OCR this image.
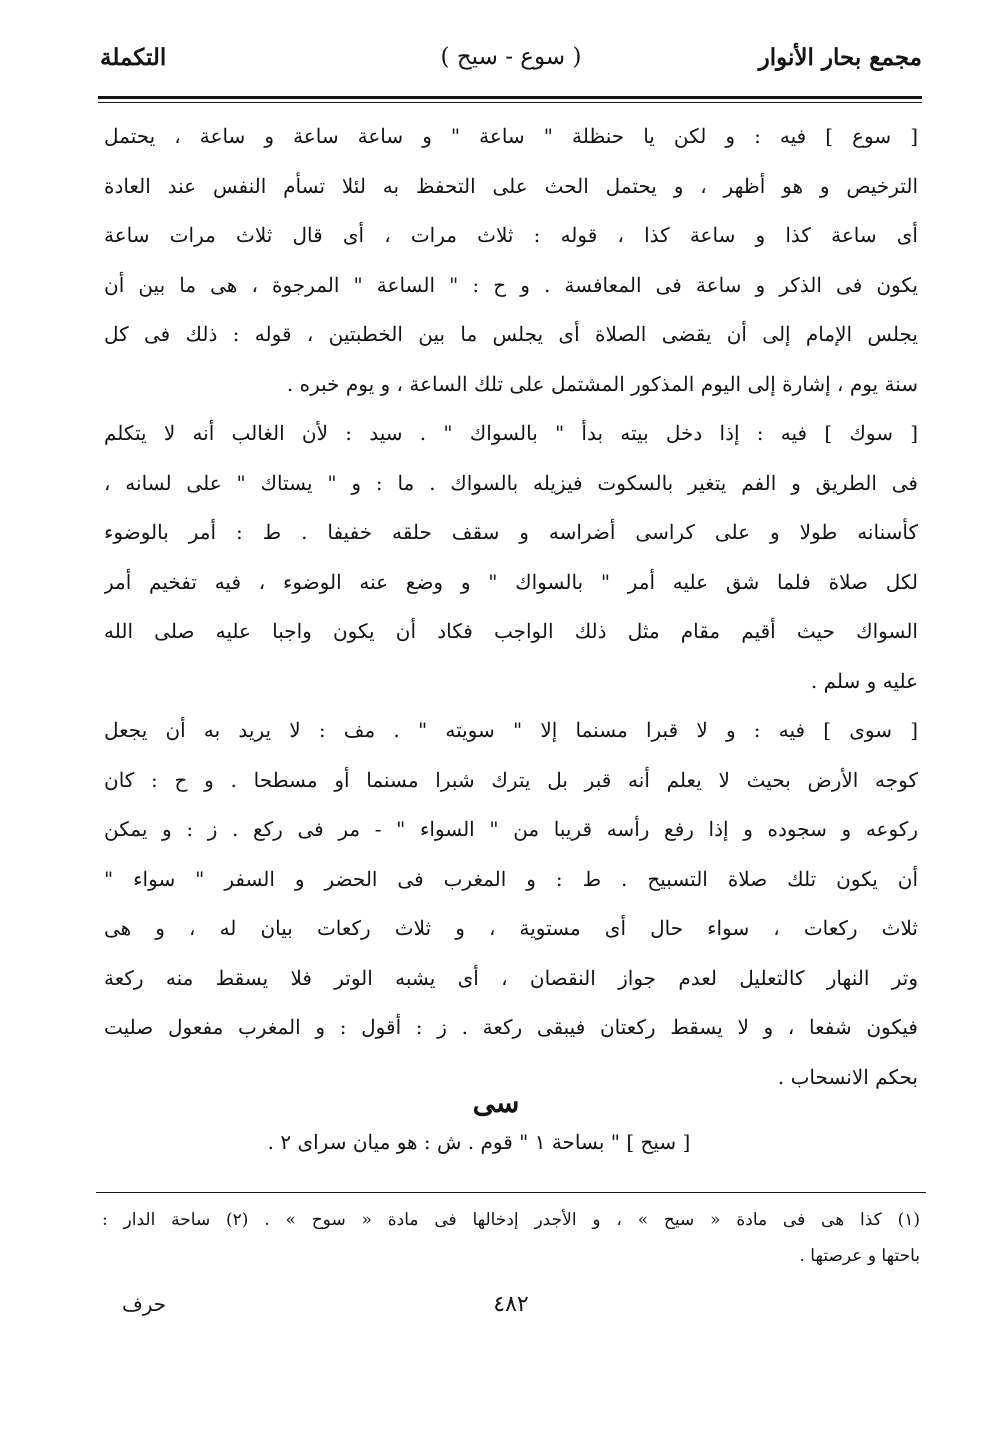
مجمع بحار الأنوار
( سوع - سيح )
التكملة
[ سوع ] فيه : و لكن يا حنظلة " ساعة " و ساعة ساعة و ساعة ، يحتمل
الترخيص و هو أظهر ، و يحتمل الحث على التحفظ به لئلا تسأم النفس عند العادة
أى ساعة كذا و ساعة كذا ، قوله : ثلاث مرات ، أى قال ثلاث مرات ساعة
يكون فى الذكر و ساعة فى المعافسة . و ح : " الساعة " المرجوة ، هى ما بين أن
يجلس الإمام إلى أن يقضى الصلاة أى يجلس ما بين الخطبتين ، قوله : ذلك فى كل
سنة يوم ، إشارة إلى اليوم المذكور المشتمل على تلك الساعة ، و يوم خبره .
[ سوك ] فيه : إذا دخل بيته بدأ " بالسواك " . سيد : لأن الغالب أنه لا يتكلم
فى الطريق و الفم يتغير بالسكوت فيزيله بالسواك . ما : و " يستاك " على لسانه ،
كأسنانه طولا و على كراسى أضراسه و سقف حلقه خفيفا . ط : أمر بالوضوء
لكل صلاة فلما شق عليه أمر " بالسواك " و وضع عنه الوضوء ، فيه تفخيم أمر
السواك حيث أقيم مقام مثل ذلك الواجب فكاد أن يكون واجبا عليه صلى الله
عليه و سلم .
[ سوى ] فيه : و لا قبرا مسنما إلا " سويته " . مف : لا يريد به أن يجعل
كوجه الأرض بحيث لا يعلم أنه قبر بل يترك شبرا مسنما أو مسطحا . و ح : كان
ركوعه و سجوده و إذا رفع رأسه قريبا من " السواء " - مر فى ركع . ز : و يمكن
أن يكون تلك صلاة التسبيح . ط : و المغرب فى الحضر و السفر " سواء "
ثلاث ركعات ، سواء حال أى مستوية ، و ثلاث ركعات بيان له ، و هى
وتر النهار كالتعليل لعدم جواز النقصان ، أى يشبه الوتر فلا يسقط منه ركعة
فيكون شفعا ، و لا يسقط ركعتان فيبقى ركعة . ز : أقول : و المغرب مفعول صليت
بحكم الانسحاب .
سى
[ سيح ] " بساحة ١ " قوم . ش : هو ميان سراى ٢ .
(١) كذا هى فى مادة « سيح » ، و الأجدر إدخالها فى مادة « سوح » . (٢) ساحة الدار :
باحتها و عرصتها .
٤٨٢
حرف
